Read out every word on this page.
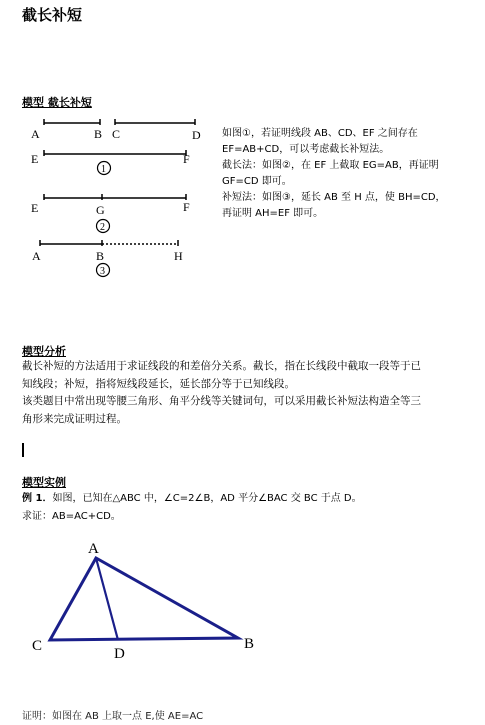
截长补短
模型 截长补短
A	B C	D
E	F
1
E	G	F
2
A	B	H
3
如图①，若证明线段 AB、CD、EF 之间存在
EF=AB+CD，可以考虑截长补短法。
截长法：如图②，在 EF 上截取 EG=AB，再证明
GF=CD 即可。
补短法：如图③，延长 AB 至 H 点，使 BH=CD，
再证明 AH=EF 即可。
模型分析
截长补短的方法适用于求证线段的和差倍分关系。截长，指在长线段中截取一段等于已
知线段；补短，指将短线段延长，延长部分等于已知线段。
该类题目中常出现等腰三角形、角平分线等关键词句，可以采用截长补短法构造全等三
角形来完成证明过程。
模型实例
例 1．如图，已知在△ABC 中，∠C=2∠B，AD 平分∠BAC 交 BC 于点 D。
求证：AB=AC+CD。
A
C	D
B
证明：如图在 AB 上取一点 E,使 AE=AC
